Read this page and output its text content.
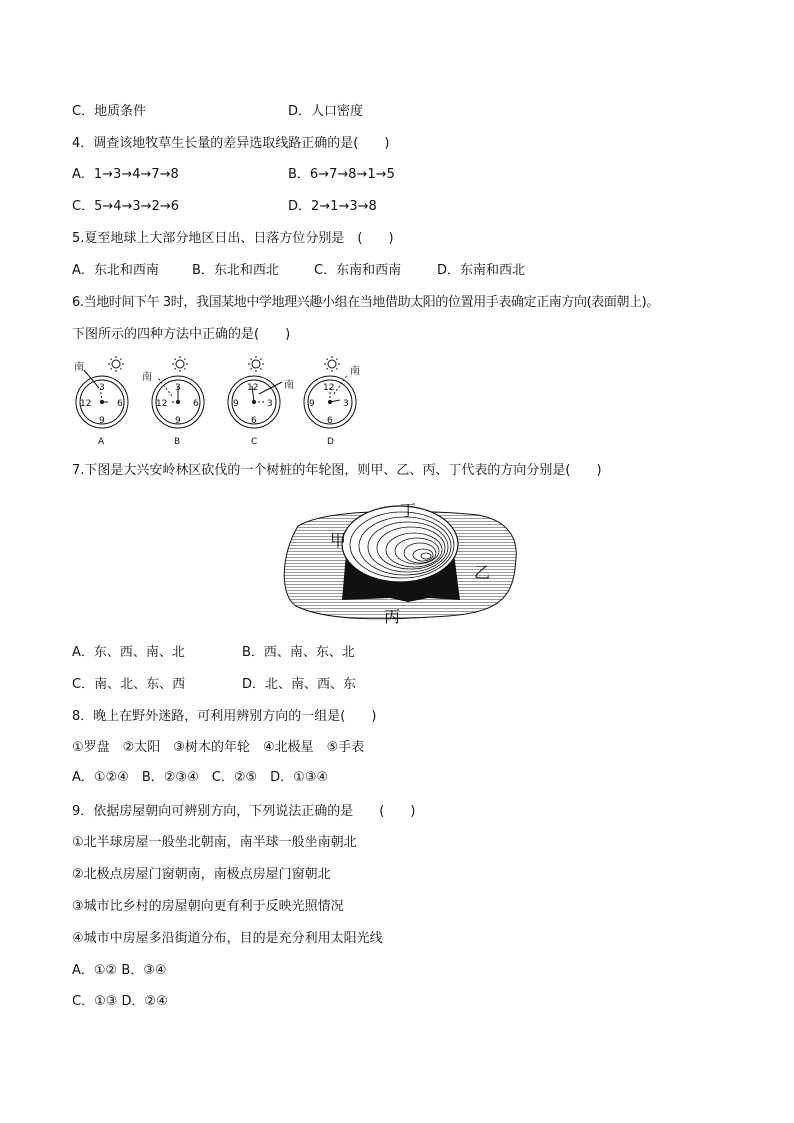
C．地质条件	D．人口密度
4．调查该地牧草生长量的差异选取线路正确的是(　　)
A．1→3→4→7→8	B．6→7→8→1→5
C．5→4→3→2→6	D．2→1→3→8
5.夏至地球上大部分地区日出、日落方位分别是　(　　)
A．东北和西南	B．东北和西北	C．东南和西南	D．东南和西北
6.当地时间下午 3时，我国某地中学地理兴趣小组在当地借助太阳的位置用手表确定正南方向(表面朝上)。
下图所示的四种方法中正确的是(　　)
南
3
6
9
12
A
南
3
6
9
12
B
南
12
3
6
9
C
南
12
3
6
9
D
7.下图是大兴安岭林区砍伐的一个树桩的年轮图，则甲、乙、丙、丁代表的方向分别是(　　)
丁
甲
乙
丙
A．东、西、南、北	B．西、南、东、北
C．南、北、东、西	D．北、南、西、东
8．晚上在野外迷路，可利用辨别方向的一组是(　　)
①罗盘　②太阳　③树木的年轮　④北极星　⑤手表
A．①②④　B．②③④　C．②⑤　D．①③④
9．依据房屋朝向可辨别方向，下列说法正确的是　　(　　)
①北半球房屋一般坐北朝南，南半球一般坐南朝北
②北极点房屋门窗朝南，南极点房屋门窗朝北
③城市比乡村的房屋朝向更有利于反映光照情况
④城市中房屋多沿街道分布，目的是充分利用太阳光线
A．①② B．③④
C．①③ D．②④
